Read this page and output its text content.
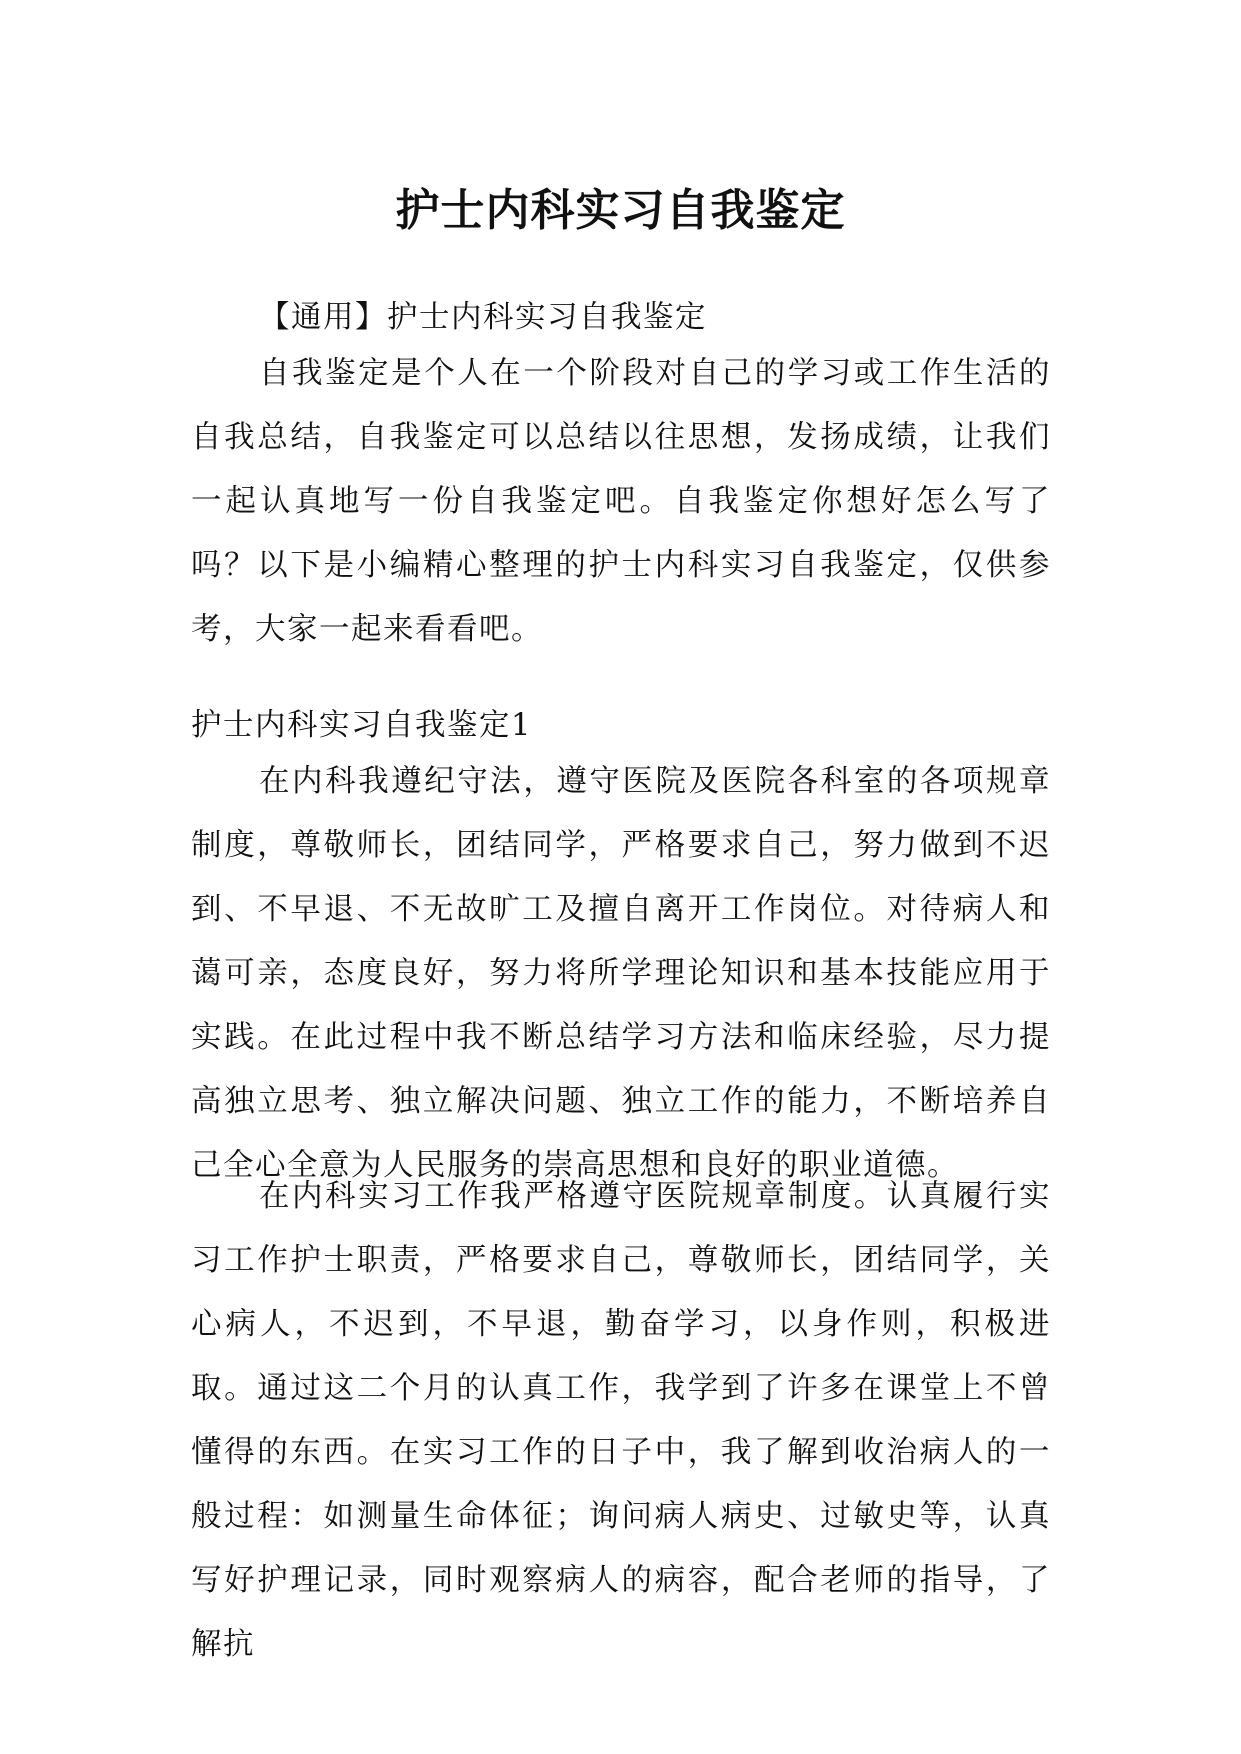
护士内科实习自我鉴定

【通用】护士内科实习自我鉴定

自我鉴定是个人在一个阶段对自己的学习或工作生活的自我总结，自我鉴定可以总结以往思想，发扬成绩，让我们一起认真地写一份自我鉴定吧。自我鉴定你想好怎么写了吗？以下是小编精心整理的护士内科实习自我鉴定，仅供参考，大家一起来看看吧。

护士内科实习自我鉴定1

在内科我遵纪守法，遵守医院及医院各科室的各项规章制度，尊敬师长，团结同学，严格要求自己，努力做到不迟到、不早退、不无故旷工及擅自离开工作岗位。对待病人和蔼可亲，态度良好，努力将所学理论知识和基本技能应用于实践。在此过程中我不断总结学习方法和临床经验，尽力提高独立思考、独立解决问题、独立工作的能力，不断培养自己全心全意为人民服务的崇高思想和良好的职业道德。

在内科实习工作我严格遵守医院规章制度。认真履行实习工作护士职责，严格要求自己，尊敬师长，团结同学，关心病人，不迟到，不早退，勤奋学习，以身作则，积极进取。通过这二个月的认真工作，我学到了许多在课堂上不曾懂得的东西。在实习工作的日子中，我了解到收治病人的一般过程：如测量生命体征；询问病人病史、过敏史等，认真写好护理记录，同时观察病人的病容，配合老师的指导，了解抗
